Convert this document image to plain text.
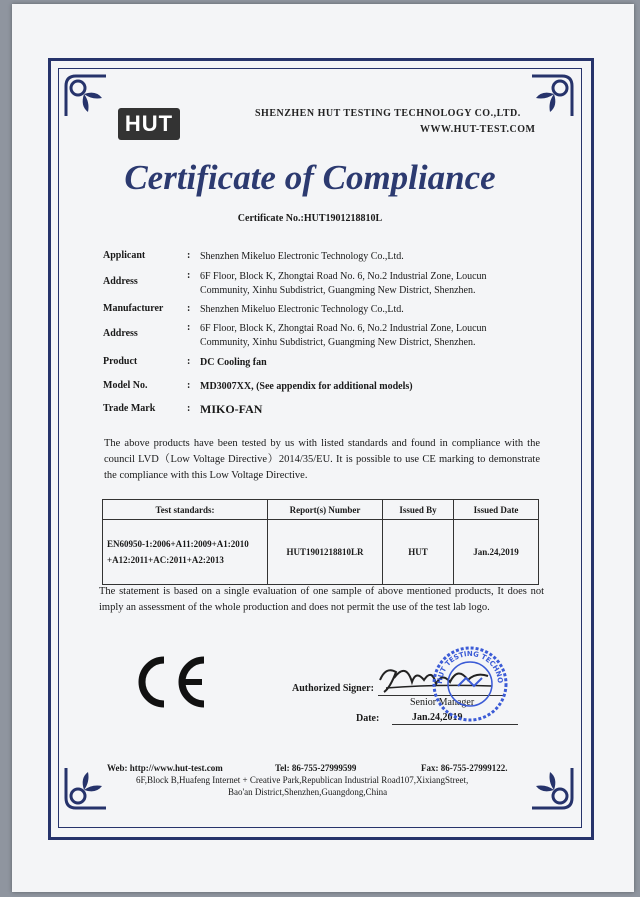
HUT	SHENZHEN HUT TESTING TECHNOLOGY CO.,LTD.
WWW.HUT-TEST.COM
Certificate of Compliance
Certificate No.:HUT1901218810L
Applicant	: Shenzhen Mikeluo Electronic Technology Co.,Ltd.
Address
: 6F Floor, Block K, Zhongtai Road No. 6, No.2 Industrial Zone, Loucun
Community, Xinhu Subdistrict, Guangming New District, Shenzhen.
Manufacturer	: Shenzhen Mikeluo Electronic Technology Co.,Ltd.
Address
: 6F Floor, Block K, Zhongtai Road No. 6, No.2 Industrial Zone, Loucun
Community, Xinhu Subdistrict, Guangming New District, Shenzhen.
Product	: DC Cooling fan
Model No.	: MD3007XX, (See appendix for additional models)
Trade Mark	: MIKO-FAN
The above products have been tested by us with listed standards and found in compliance with the council LVD（Low Voltage Directive）2014/35/EU. It is possible to use CE marking to demonstrate the compliance with this Low Voltage Directive.
Test standards:	Report(s) Number	Issued By	Issued Date

EN60950-1:2006+A11:2009+A1:2010
+A12:2011+AC:2011+A2:2013	HUT1901218810LR	HUT	Jan.24,2019
The statement is based on a single evaluation of one sample of above mentioned products, It does not imply an assessment of the whole production and does not permit the use of the test lab logo.
Authorized Signer:
Senior Manager
Date:	Jan.24,2019
HUT TESTING TECHNO
Web: http://www.hut-test.com	Tel: 86-755-27999599	Fax: 86-755-27999122.
6F,Block B,Huafeng Internet + Creative Park,Republican Industrial Road107,XixiangStreet,
Bao'an District,Shenzhen,Guangdong,China
